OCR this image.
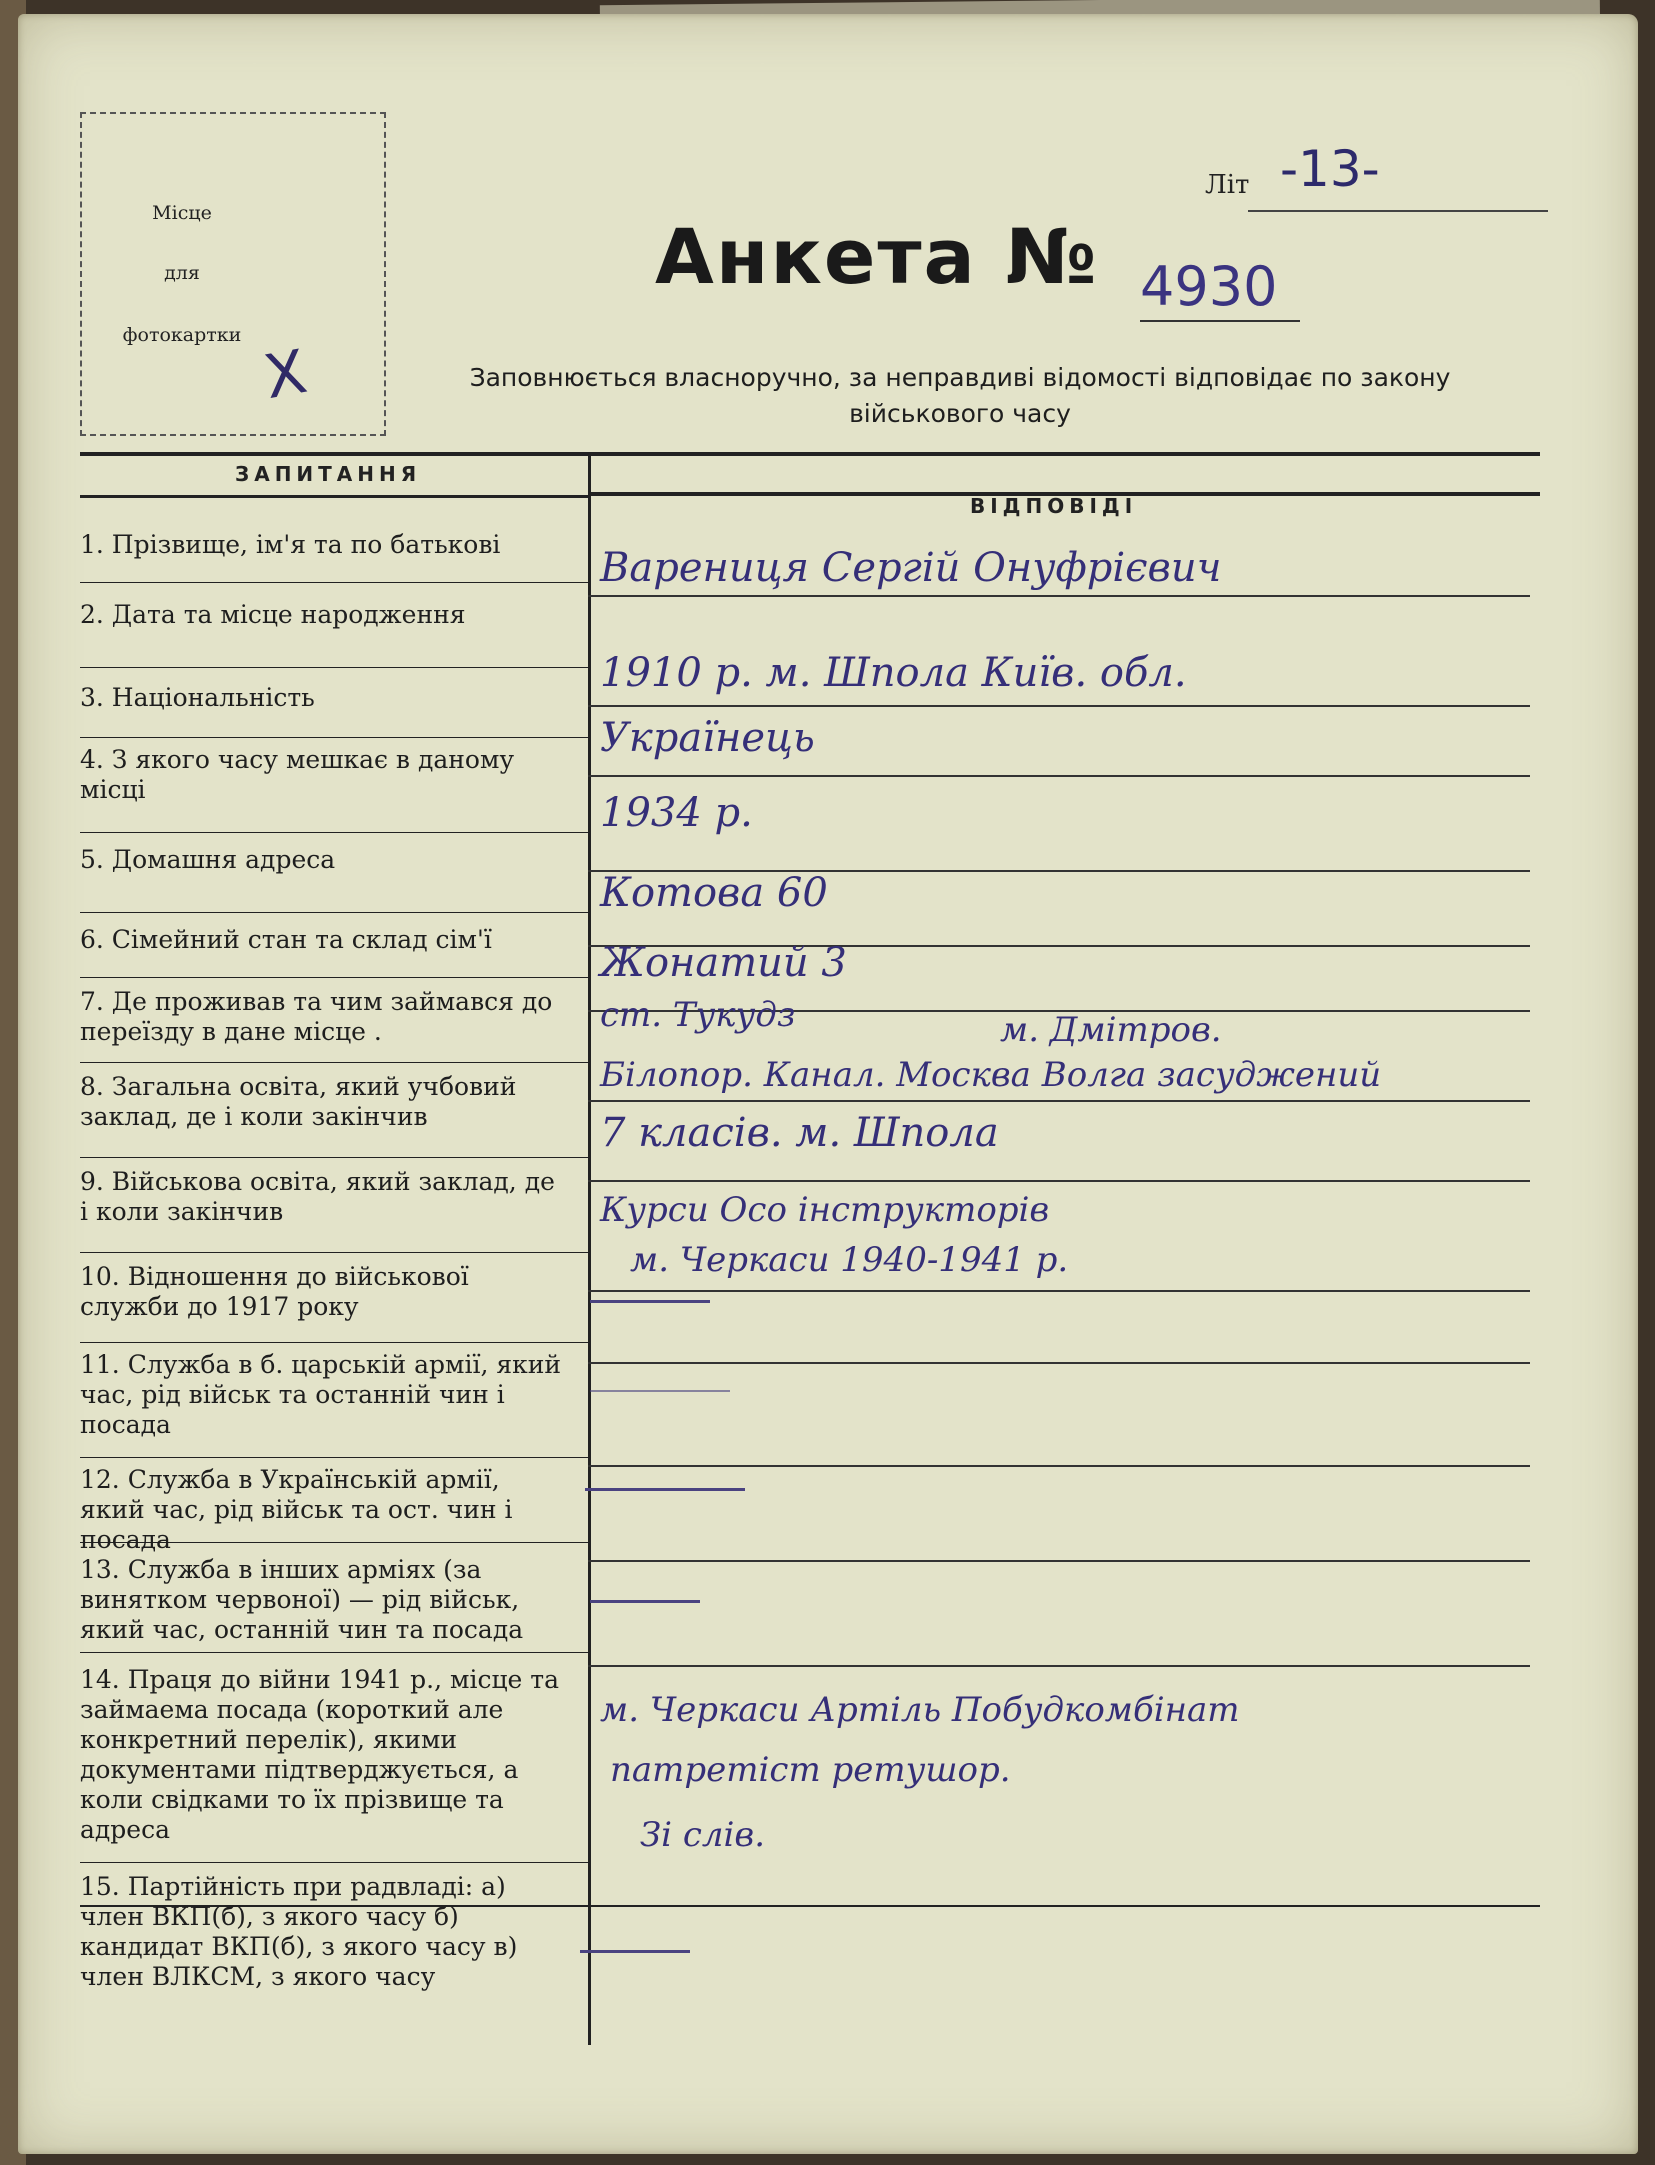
Місце
для
фотокартки
X
Літ -13-
Анкета № 4930
Заповнюється власноручно, за неправдиві відомості відповідає по закону
військового часу
ЗАПИТАННЯ
ВІДПОВІДІ
1. Прізвище, ім'я та по батькові
2. Дата та місце народження
3. Національність
4. З якого часу мешкає в даному місці
5. Домашня адреса
6. Сімейний стан та склад сім'ї
7. Де проживав та чим займався до переїзду в дане місце .
8. Загальна освіта, який учбовий заклад, де і коли закінчив
9. Військова освіта, який заклад, де і коли закінчив
10. Відношення до військової служби до 1917 року
11. Служба в б. царській армії, який час, рід військ та останній чин і посада
12. Служба в Українській армії, який час, рід військ та ост. чин і посада
13. Служба в інших арміях (за винятком червоної) — рід військ, який час, останній чин та посада
14. Праця до війни 1941 р., місце та займаема посада (короткий але конкретний перелік), якими документами підтверджується, а коли свідками то їх прізвище та адреса
15. Партійність при радвладі: а) член ВКП(б), з якого часу б) кандидат ВКП(б), з якого часу в) член ВЛКСМ, з якого часу
Варениця Сергій Онуфрієвич
1910 р. м. Шпола Київ. обл.
Українець
1934 р.
Котова 60
Жонатий 3
ст. Тукудз	м. Дмітров.
Білопор. Канал. Москва Волга засуджений
7 класів. м. Шпола
Курси Осо інструкторів
м. Черкаси 1940-1941 р.
м. Черкаси Артіль Побудкомбінат
патретіст ретушор.
Зі слів.
